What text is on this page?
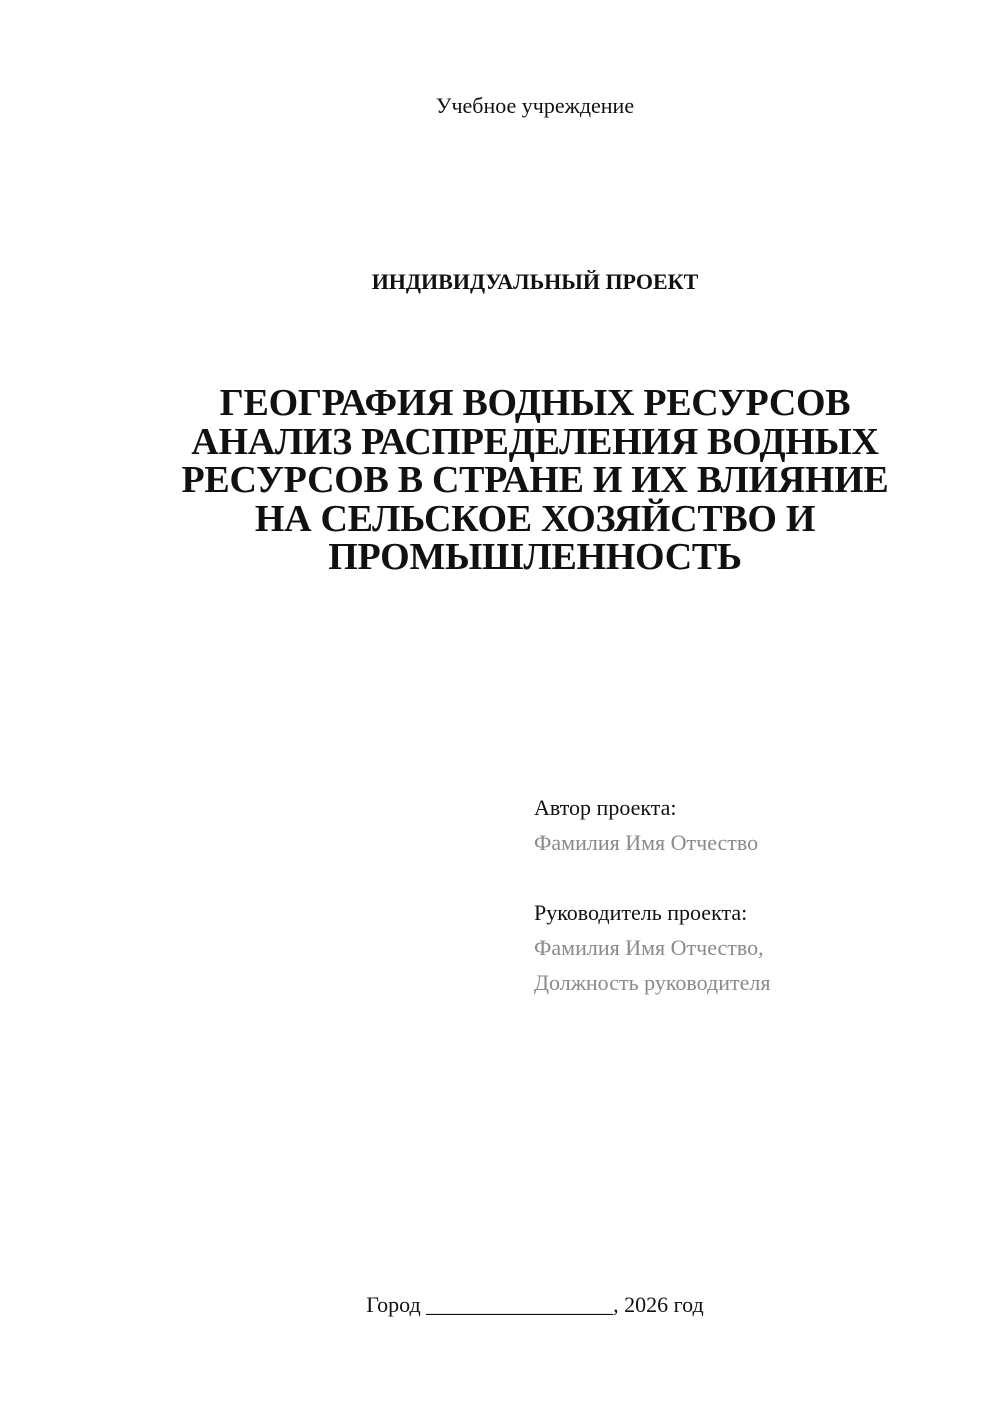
Учебное учреждение
ИНДИВИДУАЛЬНЫЙ ПРОЕКТ
ГЕОГРАФИЯ ВОДНЫХ РЕСУРСОВ
АНАЛИЗ РАСПРЕДЕЛЕНИЯ ВОДНЫХ
РЕСУРСОВ В СТРАНЕ И ИХ ВЛИЯНИЕ
НА СЕЛЬСКОЕ ХОЗЯЙСТВО И
ПРОМЫШЛЕННОСТЬ
Автор проекта:
Фамилия Имя Отчество
Руководитель проекта:
Фамилия Имя Отчество,
Должность руководителя
Город _________________, 2026 год
